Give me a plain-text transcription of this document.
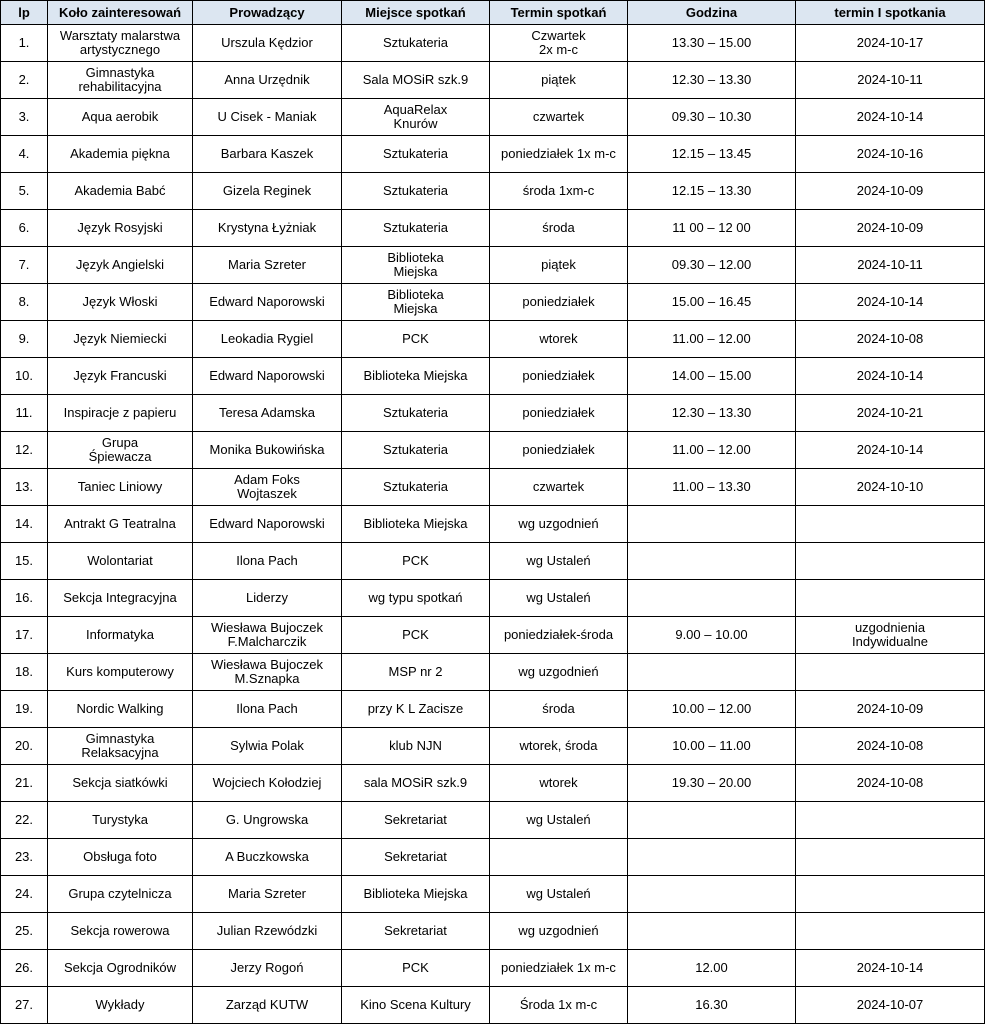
lp	Koło zainteresowań	Prowadzący	Miejsce spotkań	Termin spotkań	Godzina	termin I spotkania

1.	Warsztaty malarstwa
artystycznego	Urszula Kędzior	Sztukateria	Czwartek
2x m-c	13.30 – 15.00	2024-10-17

2.	Gimnastyka
rehabilitacyjna	Anna Urzędnik	Sala MOSiR szk.9	piątek	12.30 – 13.30	2024-10-11

3.	Aqua aerobik	U Cisek - Maniak	AquaRelax
Knurów	czwartek	09.30 – 10.30	2024-10-14

4.	Akademia piękna	Barbara Kaszek	Sztukateria	poniedziałek 1x m-c	12.15 – 13.45	2024-10-16

5.	Akademia Babć	Gizela Reginek	Sztukateria	środa 1xm-c	12.15 – 13.30	2024-10-09

6.	Język Rosyjski	Krystyna Łyżniak	Sztukateria	środa	11 00 – 12 00	2024-10-09

7.	Język Angielski	Maria Szreter	Biblioteka
Miejska	piątek	09.30 – 12.00	2024-10-11

8.	Język Włoski	Edward Naporowski	Biblioteka
Miejska	poniedziałek	15.00 – 16.45	2024-10-14

9.	Język Niemiecki	Leokadia Rygiel	PCK	wtorek	11.00 – 12.00	2024-10-08

10.	Język Francuski	Edward Naporowski	Biblioteka Miejska	poniedziałek	14.00 – 15.00	2024-10-14

11.	Inspiracje z papieru	Teresa Adamska	Sztukateria	poniedziałek	12.30 – 13.30	2024-10-21

12.	Grupa
Śpiewacza	Monika Bukowińska	Sztukateria	poniedziałek	11.00 – 12.00	2024-10-14

13.	Taniec Liniowy	Adam Foks
Wojtaszek	Sztukateria	czwartek	11.00 – 13.30	2024-10-10

14.	Antrakt G Teatralna	Edward Naporowski	Biblioteka Miejska	wg uzgodnień		

15.	Wolontariat	Ilona Pach	PCK	wg Ustaleń		

16.	Sekcja Integracyjna	Liderzy	wg typu spotkań	wg Ustaleń		

17.	Informatyka	Wiesława Bujoczek
F.Malcharczik	PCK	poniedziałek-środa	9.00 – 10.00	uzgodnienia
Indywidualne

18.	Kurs komputerowy	Wiesława Bujoczek
M.Sznapka	MSP nr 2	wg uzgodnień		

19.	Nordic Walking	Ilona Pach	przy K L Zacisze	środa	10.00 – 12.00	2024-10-09

20.	Gimnastyka
Relaksacyjna	Sylwia Polak	klub NJN	wtorek, środa	10.00 – 11.00	2024-10-08

21.	Sekcja siatkówki	Wojciech Kołodziej	sala MOSiR szk.9	wtorek	19.30 – 20.00	2024-10-08

22.	Turystyka	G. Ungrowska	Sekretariat	wg Ustaleń		

23.	Obsługa foto	A Buczkowska	Sekretariat			

24.	Grupa czytelnicza	Maria Szreter	Biblioteka Miejska	wg Ustaleń		

25.	Sekcja rowerowa	Julian Rzewódzki	Sekretariat	wg uzgodnień		

26.	Sekcja Ogrodników	Jerzy Rogoń	PCK	poniedziałek 1x m-c	12.00	2024-10-14

27.	Wykłady	Zarząd KUTW	Kino Scena Kultury	Środa 1x m-c	16.30	2024-10-07
